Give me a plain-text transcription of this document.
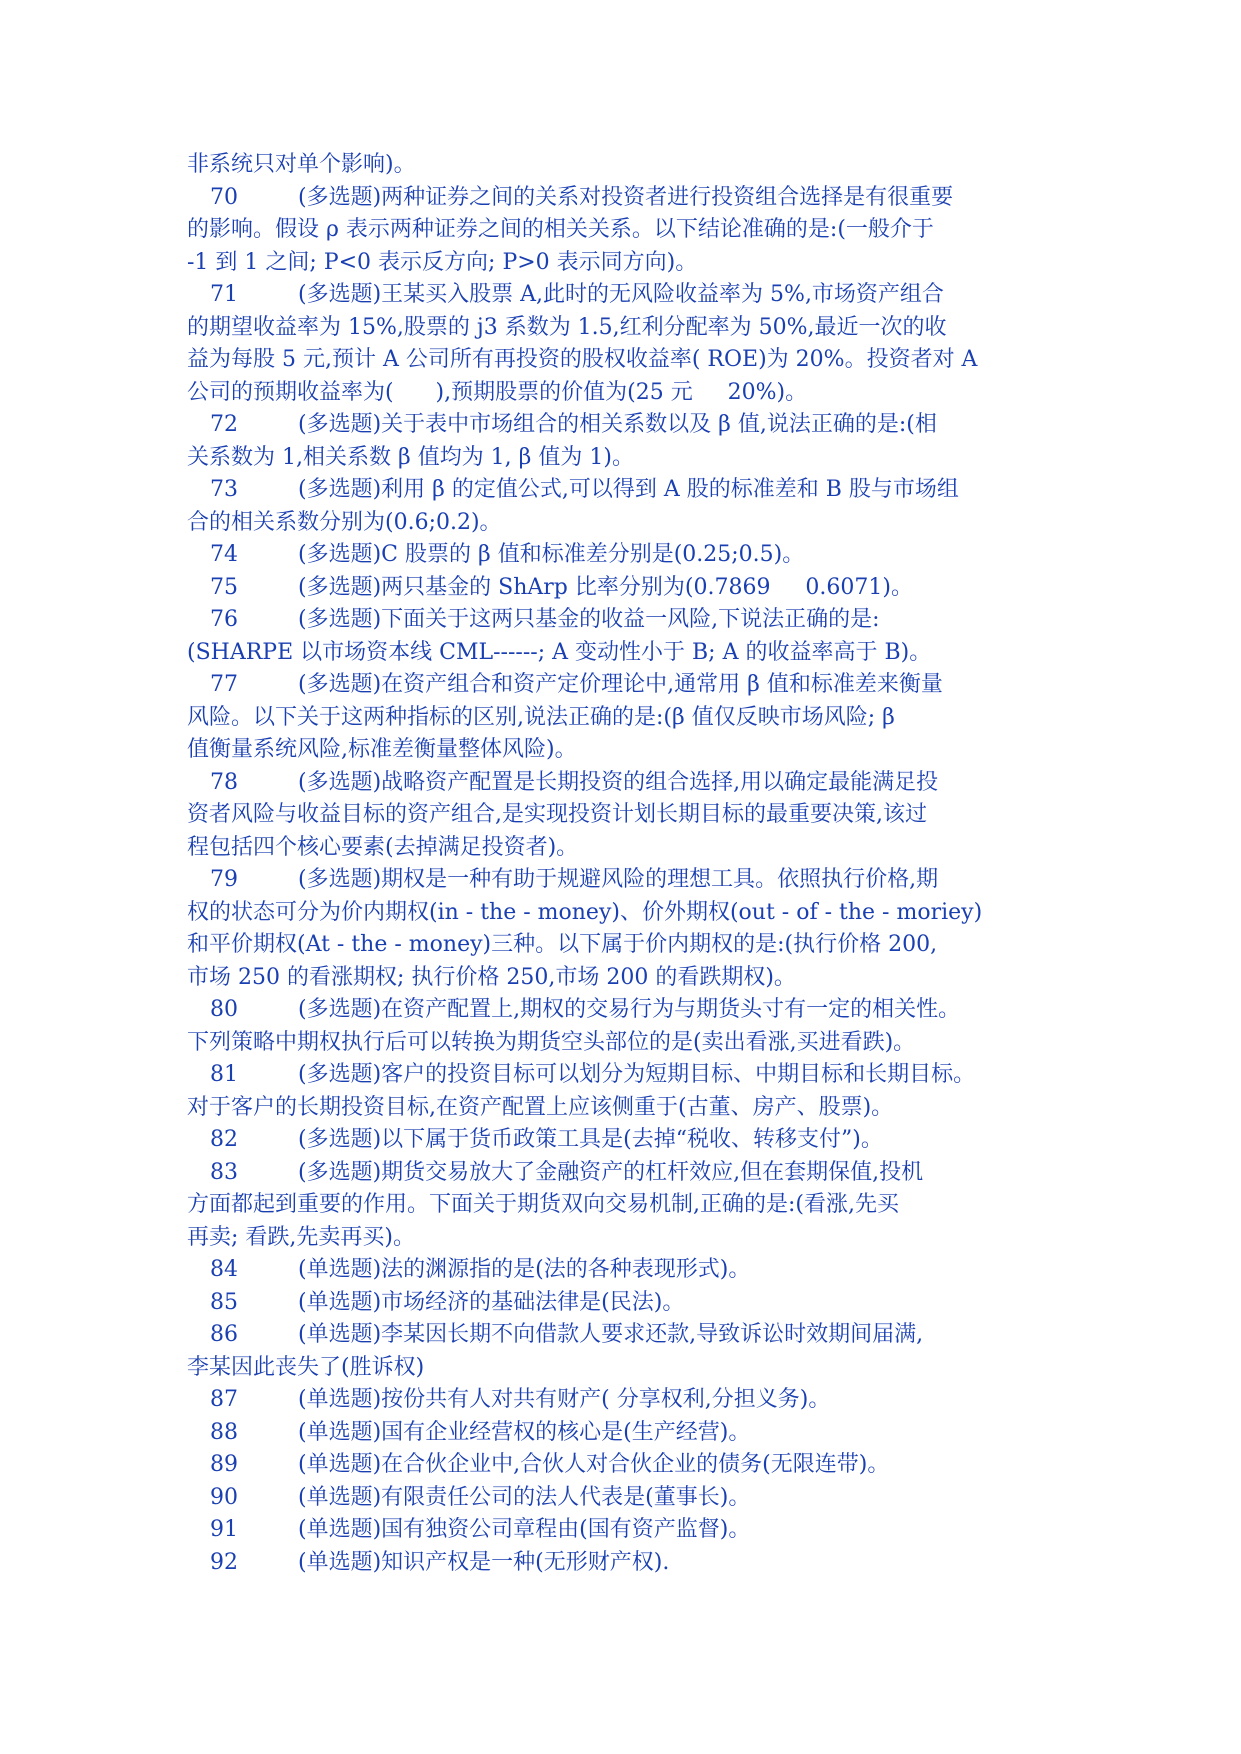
非系统只对单个影响)。
70	(多选题)两种证券之间的关系对投资者进行投资组合选择是有很重要
的影响。假设 ρ 表示两种证券之间的相关关系。以下结论准确的是:(一般介于
-1 到 1 之间; P<0 表示反方向; P>0 表示同方向)。
71	(多选题)王某买入股票 A,此时的无风险收益率为 5%,市场资产组合
的期望收益率为 15%,股票的 j3 系数为 1.5,红利分配率为 50%,最近一次的收
益为每股 5 元,预计 A 公司所有再投资的股权收益率( ROE)为 20%。投资者对 A
公司的预期收益率为(      ),预期股票的价值为(25 元     20%)。
72	(多选题)关于表中市场组合的相关系数以及 β 值,说法正确的是:(相
关系数为 1,相关系数 β 值均为 1, β 值为 1)。
73	(多选题)利用 β 的定值公式,可以得到 A 股的标准差和 B 股与市场组
合的相关系数分别为(0.6;0.2)。
74	(多选题)C 股票的 β 值和标准差分别是(0.25;0.5)。
75	(多选题)两只基金的 ShArp 比率分别为(0.7869     0.6071)。
76	(多选题)下面关于这两只基金的收益一风险,下说法正确的是:
(SHARPE 以市场资本线 CML------; A 变动性小于 B; A 的收益率高于 B)。
77	(多选题)在资产组合和资产定价理论中,通常用 β 值和标准差来衡量
风险。以下关于这两种指标的区别,说法正确的是:(β 值仅反映市场风险; β
值衡量系统风险,标准差衡量整体风险)。
78	(多选题)战略资产配置是长期投资的组合选择,用以确定最能满足投
资者风险与收益目标的资产组合,是实现投资计划长期目标的最重要决策,该过
程包括四个核心要素(去掉满足投资者)。
79	(多选题)期权是一种有助于规避风险的理想工具。依照执行价格,期
权的状态可分为价内期权(in - the - money)、价外期权(out - of - the - moriey)
和平价期权(At - the - money)三种。以下属于价内期权的是:(执行价格 200,
市场 250 的看涨期权; 执行价格 250,市场 200 的看跌期权)。
80	(多选题)在资产配置上,期权的交易行为与期货头寸有一定的相关性。
下列策略中期权执行后可以转换为期货空头部位的是(卖出看涨,买进看跌)。
81	(多选题)客户的投资目标可以划分为短期目标、中期目标和长期目标。
对于客户的长期投资目标,在资产配置上应该侧重于(古董、房产、股票)。
82	(多选题)以下属于货币政策工具是(去掉“税收、转移支付”)。
83	(多选题)期货交易放大了金融资产的杠杆效应,但在套期保值,投机
方面都起到重要的作用。下面关于期货双向交易机制,正确的是:(看涨,先买
再卖; 看跌,先卖再买)。
84	(单选题)法的渊源指的是(法的各种表现形式)。
85	(单选题)市场经济的基础法律是(民法)。
86	(单选题)李某因长期不向借款人要求还款,导致诉讼时效期间届满,
李某因此丧失了(胜诉权)
87	(单选题)按份共有人对共有财产( 分享权利,分担义务)。
88	(单选题)国有企业经营权的核心是(生产经营)。
89	(单选题)在合伙企业中,合伙人对合伙企业的债务(无限连带)。
90	(单选题)有限责任公司的法人代表是(董事长)。
91	(单选题)国有独资公司章程由(国有资产监督)。
92	(单选题)知识产权是一种(无形财产权).
